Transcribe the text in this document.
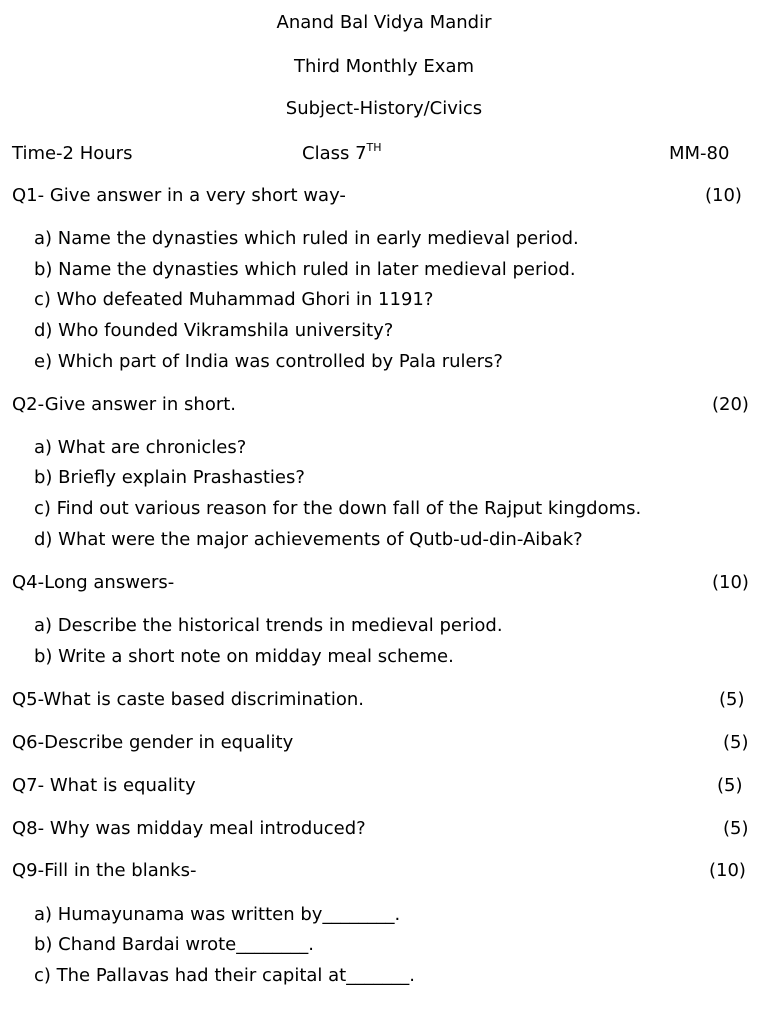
Anand Bal Vidya Mandir
Third Monthly Exam
Subject-History/Civics
Time-2 Hours	Class 7TH	MM-80
Q1- Give answer in a very short way-	(10)
a) Name the dynasties which ruled in early medieval period.
b) Name the dynasties which ruled in later medieval period.
c) Who defeated Muhammad Ghori in 1191?
d) Who founded Vikramshila university?
e) Which part of India was controlled by Pala rulers?
Q2-Give answer in short.	(20)
a) What are chronicles?
b) Briefly explain Prashasties?
c) Find out various reason for the down fall of the Rajput kingdoms.
d) What were the major achievements of Qutb-ud-din-Aibak?
Q4-Long answers-	(10)
a) Describe the historical trends in medieval period.
b) Write a short note on midday meal scheme.
Q5-What is caste based discrimination.	(5)
Q6-Describe gender in equality	(5)
Q7- What is equality	(5)
Q8- Why was midday meal introduced?	(5)
Q9-Fill in the blanks-	(10)
a) Humayunama was written by________.
b) Chand Bardai wrote________.
c) The Pallavas had their capital at_______.
